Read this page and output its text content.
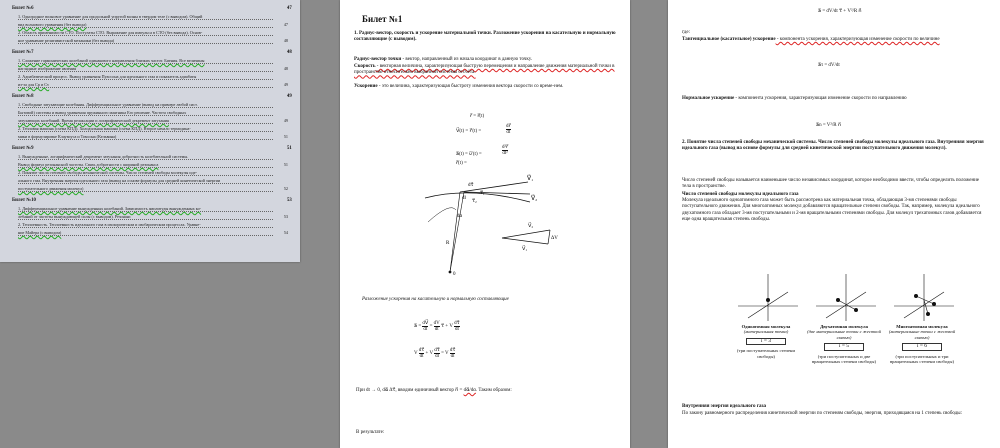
Билет №6	47
1. Однородное волновое уравнение для продольной упругой волны в твердом теле (с выводом). Общий
вид волнового уравнения (без вывода)	47
2. Область применимости СТО. Постулаты СТО. Выражение для импульса в СТО (без вывода). Основ-
ное уравнение релятивистской механики (без вывода)	48
Билет №7	48
1. Сложение гармонических колебаний одинакового направления близких частот. Биения. Все величины
наглядные изображение явления	48
2. Адиабатический процесс. Вывод уравнения Пуассона для идеального газа и показатель адиабаты
из-за для Cp и Cv	49
Билет №8	49
1. Свободные затухающие колебания. Дифференциальное уравнение (вывод на примере любой сист.
Бытовой) системы и вывод уравнения пружинного маятника Его решение. Частота свободных
затухающих колебаний. Время релаксации и логарифмический декремент затухания	49
2. Тепловая машина (схема КПД). Холодильная машина (схема КПД). Второе начало термодина-
мики в формулировке Клаузиуса и Томсона (Кельвина)	51
Билет №9	51
1. Вынужденные, логарифмический декремент затухания добротность колебательной системы.
Вывод формул резонансной частоты. Связь добротности с шириной резонанса	51
2. Понятие числа степеней свободы механической системы. Число степеней свободы молекулы иде-
ального газа. Внутренняя энергия идеального газа (вывод на основе формулы для средней кинетической энергии
поступательного движения молекул)	52
Билет №10	53
1. Дифференциальное уравнение вынужденных колебаний. Зависимость амплитуды вынужденных ко-
лебаний от частоты вынуждающей силы (с выводом). Резонанс	53
2. Теплоемкость. Теплоемкость идеального газа в изохорическом и изобарическом процессах. Уравне-
ние Майера (с выводом)	54
Билет №1
1. Радиус-вектор, скорость и ускорение материальной точки. Разложение ускорения на касательную и нормальную составляющие (с выводом).
Радиус-вектор точки - вектор, направленный из начала координат в данную точку.
Скорость - векторная величина, характеризующая быструю перемещения и направление движения материальной точки в пространстве относительно выбранной системы отсчёта.
Ускорение - это величина, характеризующая быстроту изменения вектора скорости со време-нем.
r⃗ = r⃗(t)
V⃗(t) = r⃗'(t) =
dr⃗
dt
a⃗(t) = υ⃗'(t) =
r⃗(t) =
d²r⃗
dt²
V⃗₁
V⃗₂
τ⃗₁
τ⃗₂
dτ⃗
dα
dl
R
0
V⃗₂
V⃗₁
ΔV
Разложение ускорения на касательную и нормальную составляющие
a⃗ = $\frac{dV⃗}{dt} = \frac{dV}{dt}$ τ⃗ + V $\frac{d\tau⃗}{dt}$
V $\frac{d\tau⃗}{dt} + V \frac{d\tau⃗}{dl} = V \frac{d\tau⃗}{dl}$
При dt → 0, dα⃗ Δτ⃗, вводим единичный вектор n⃗ = dα⃗/dα. Таким образом:
В результате:
a⃗ = dV/dt τ⃗ + V²/R n⃗
где:
Тангенциальное (касательное) ускорение - компонента ускорения, характеризующая изменение скорости по величине
a⃗τ = dV/dt
Нормальное ускорение - компонента ускорения, характеризующая изменение скорости по направлению
a⃗n = V²/R n⃗
2. Понятие числа степеней свободы механической системы. Число степеней свободы молекулы идеального газа. Внутренняя энергия идеального газа (вывод на основе формулы для средней кинетической энергии поступательного движения молекул).
Число степеней свободы называется наименьшее число независимых координат, которое необходимо ввести, чтобы определить положение тела в пространстве.
Число степеней свободы молекулы идеального газа
Молекула идеального одноатомного газа может быть рассмотрена как материальная точка, обладающая 3-мя степенями свободы поступательного движения. Для многоатомных молекул добавляются вращательные степени свободы. Так, например, молекула идеального двухатомного газа обладает 3-мя поступательными и 2-мя вращательными степенями свободы. Для молекул трехатомных газов добавляется еще одна вращательная степень свободы.
Одноатомная молекула
(материальная точка)
i = 3
(три поступательных степени свободы)
Двухатомная молекула
(две материальные точки с жесткой связью)
i = 5
(три поступательных и две вращательных степени свободы)
Многоатомная молекула
(материальные точки с жесткой связью)
i = 6
(три поступательных и три вращательных степени свободы)
Внутренняя энергия идеального газа
По закону равномерного распределения кинетической энергии по степеням свободы, энергия, приходящаяся на 1 степень свободы:
